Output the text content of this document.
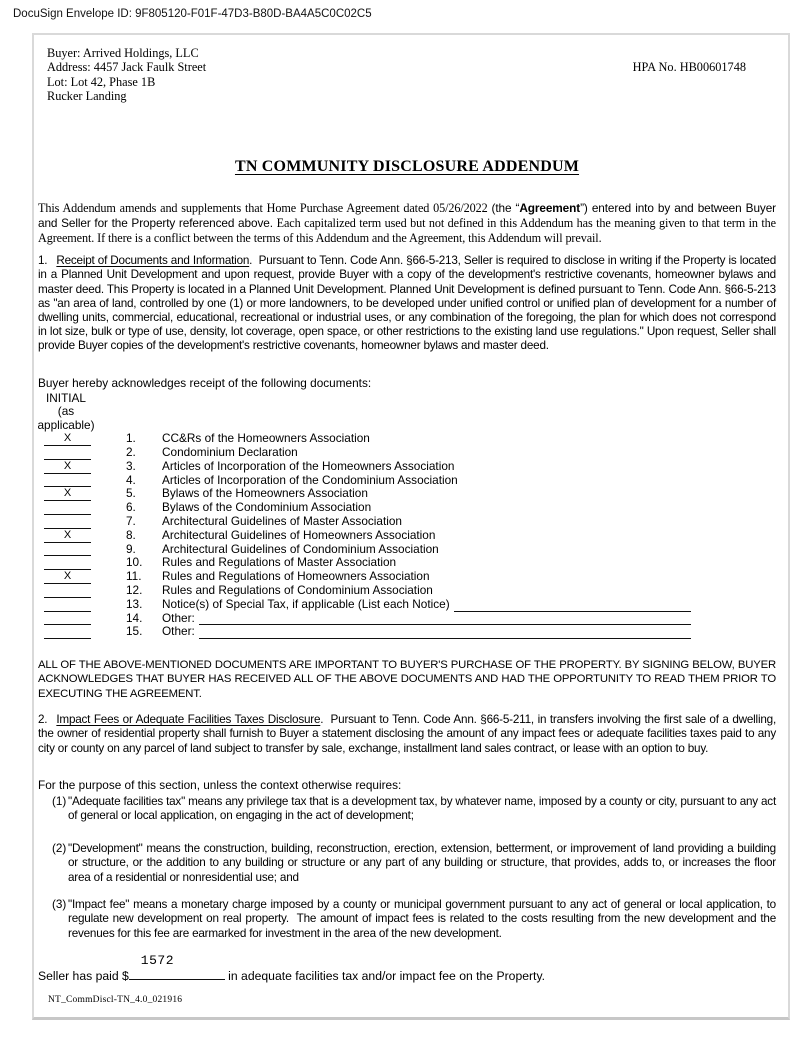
DocuSign Envelope ID: 9F805120-F01F-47D3-B80D-BA4A5C0C02C5
Buyer: Arrived Holdings, LLC
Address: 4457 Jack Faulk Street
Lot: Lot 42, Phase 1B
Rucker Landing
HPA No. HB00601748
TN COMMUNITY DISCLOSURE ADDENDUM

This Addendum amends and supplements that Home Purchase Agreement dated 05/26/2022 (the “Agreement”) entered into by and between Buyer and Seller for the Property referenced above. Each capitalized term used but not defined in this Addendum has the meaning given to that term in the Agreement. If there is a conflict between the terms of this Addendum and the Agreement, this Addendum will prevail.

1. Receipt of Documents and Information.  Pursuant to Tenn. Code Ann. §66-5-213, Seller is required to disclose in writing if the Property is located in a Planned Unit Development and upon request, provide Buyer with a copy of the development's restrictive covenants, homeowner bylaws and master deed. This Property is located in a Planned Unit Development. Planned Unit Development is defined pursuant to Tenn. Code Ann. §66-5-213 as "an area of land, controlled by one (1) or more landowners, to be developed under unified control or unified plan of development for a number of dwelling units, commercial, educational, recreational or industrial uses, or any combination of the foregoing, the plan for which does not correspond in lot size, bulk or type of use, density, lot coverage, open space, or other restrictions to the existing land use regulations." Upon request, Seller shall provide Buyer copies of the development's restrictive covenants, homeowner bylaws and master deed.

Buyer hereby acknowledges receipt of the following documents:
INITIAL
(as
applicable)
X	1.	CC&Rs of the Homeowners Association
2.	Condominium Declaration
X	3.	Articles of Incorporation of the Homeowners Association
4.	Articles of Incorporation of the Condominium Association
X	5.	Bylaws of the Homeowners Association
6.	Bylaws of the Condominium Association
7.	Architectural Guidelines of Master Association
X	8.	Architectural Guidelines of Homeowners Association
9.	Architectural Guidelines of Condominium Association
10.	Rules and Regulations of Master Association
X	11.	Rules and Regulations of Homeowners Association
12.	Rules and Regulations of Condominium Association
13.	Notice(s) of Special Tax, if applicable (List each Notice)
14.	Other:
15.	Other:

ALL OF THE ABOVE-MENTIONED DOCUMENTS ARE IMPORTANT TO BUYER'S PURCHASE OF THE PROPERTY. BY SIGNING BELOW, BUYER ACKNOWLEDGES THAT BUYER HAS RECEIVED ALL OF THE ABOVE DOCUMENTS AND HAD THE OPPORTUNITY TO READ THEM PRIOR TO EXECUTING THE AGREEMENT.

2. Impact Fees or Adequate Facilities Taxes Disclosure.  Pursuant to Tenn. Code Ann. §66-5-211, in transfers involving the first sale of a dwelling, the owner of residential property shall furnish to Buyer a statement disclosing the amount of any impact fees or adequate facilities taxes paid to any city or county on any parcel of land subject to transfer by sale, exchange, installment land sales contract, or lease with an option to buy.

For the purpose of this section, unless the context otherwise requires:
(1) "Adequate facilities tax" means any privilege tax that is a development tax, by whatever name, imposed by a county or city, pursuant to any act of general or local application, on engaging in the act of development;
(2) "Development" means the construction, building, reconstruction, erection, extension, betterment, or improvement of land providing a building or structure, or the addition to any building or structure or any part of any building or structure, that provides, adds to, or increases the floor area of a residential or nonresidential use; and
(3) "Impact fee" means a monetary charge imposed by a county or municipal government pursuant to any act of general or local application, to regulate new development on real property.  The amount of impact fees is related to the costs resulting from the new development and the revenues for this fee are earmarked for investment in the area of the new development.
Seller has paid $
1572
in adequate facilities tax and/or impact fee on the Property.
NT_CommDiscl-TN_4.0_021916
